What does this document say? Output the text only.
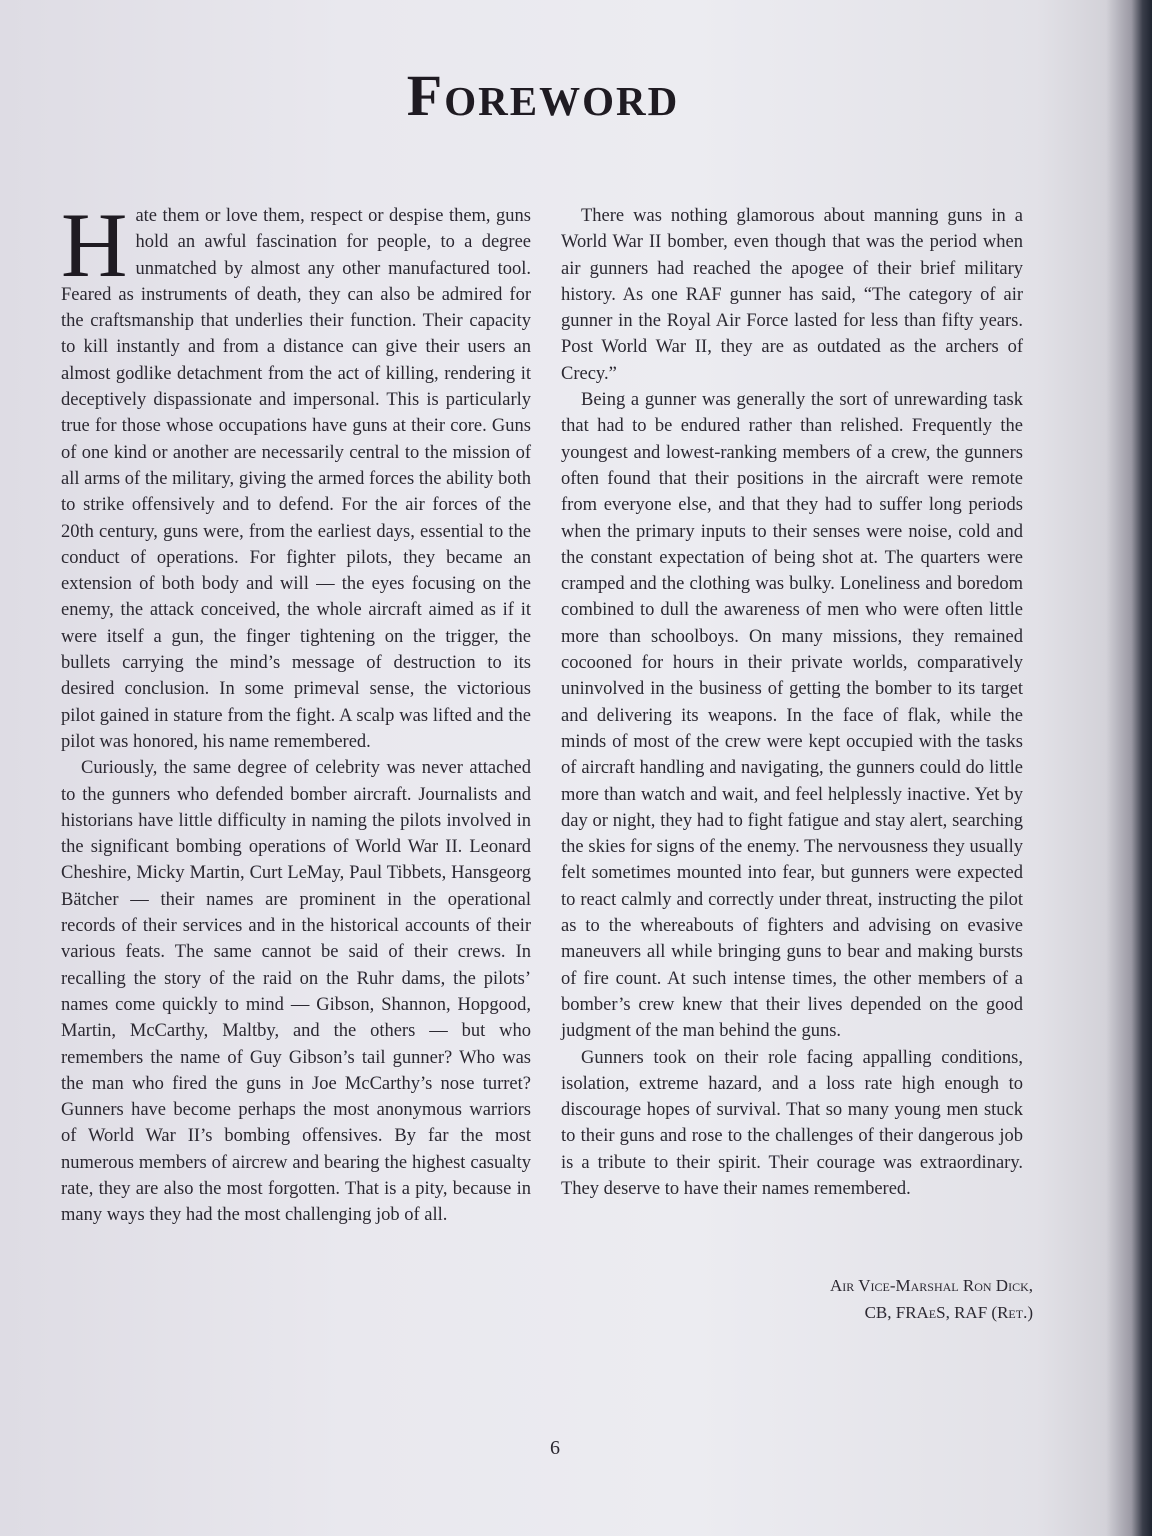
Foreword

Hate them or love them, respect or despise them, guns hold an awful fascination for people, to a degree unmatched by almost any other manufactured tool. Feared as instruments of death, they can also be admired for the craftsmanship that underlies their function. Their capacity to kill instantly and from a distance can give their users an almost godlike detachment from the act of killing, rendering it deceptively dispassionate and impersonal. This is particularly true for those whose occupations have guns at their core. Guns of one kind or another are necessarily central to the mission of all arms of the military, giving the armed forces the ability both to strike offensively and to defend. For the air forces of the 20th century, guns were, from the earliest days, essential to the conduct of operations. For fighter pilots, they became an extension of both body and will — the eyes focusing on the enemy, the attack conceived, the whole aircraft aimed as if it were itself a gun, the finger tightening on the trigger, the bullets carrying the mind’s message of destruction to its desired conclusion. In some primeval sense, the victorious pilot gained in stature from the fight. A scalp was lifted and the pilot was honored, his name remembered.

Curiously, the same degree of celebrity was never attached to the gunners who defended bomber aircraft. Journalists and historians have little difficulty in naming the pilots involved in the significant bombing operations of World War II. Leonard Cheshire, Micky Martin, Curt LeMay, Paul Tibbets, Hansgeorg Bätcher — their names are prominent in the operational records of their services and in the historical accounts of their various feats. The same cannot be said of their crews. In recalling the story of the raid on the Ruhr dams, the pilots’ names come quickly to mind — Gibson, Shannon, Hopgood, Martin, McCarthy, Maltby, and the others — but who remembers the name of Guy Gibson’s tail gunner? Who was the man who fired the guns in Joe McCarthy’s nose turret? Gunners have become perhaps the most anonymous warriors of World War II’s bombing offensives. By far the most numerous members of aircrew and bearing the highest casualty rate, they are also the most forgotten. That is a pity, because in many ways they had the most challenging job of all.

There was nothing glamorous about manning guns in a World War II bomber, even though that was the period when air gunners had reached the apogee of their brief military history. As one RAF gunner has said, “The category of air gunner in the Royal Air Force lasted for less than fifty years. Post World War II, they are as outdated as the archers of Crecy.”

Being a gunner was generally the sort of unrewarding task that had to be endured rather than relished. Frequently the youngest and lowest-ranking members of a crew, the gunners often found that their positions in the aircraft were remote from everyone else, and that they had to suffer long periods when the primary inputs to their senses were noise, cold and the constant expectation of being shot at. The quarters were cramped and the clothing was bulky. Loneliness and boredom combined to dull the awareness of men who were often little more than schoolboys. On many missions, they remained cocooned for hours in their private worlds, comparatively uninvolved in the business of getting the bomber to its target and delivering its weapons. In the face of flak, while the minds of most of the crew were kept occupied with the tasks of aircraft handling and navigating, the gunners could do little more than watch and wait, and feel helplessly inactive. Yet by day or night, they had to fight fatigue and stay alert, searching the skies for signs of the enemy. The nervousness they usually felt sometimes mounted into fear, but gunners were expected to react calmly and correctly under threat, instructing the pilot as to the whereabouts of fighters and advising on evasive maneuvers all while bringing guns to bear and making bursts of fire count. At such intense times, the other members of a bomber’s crew knew that their lives depended on the good judgment of the man behind the guns.

Gunners took on their role facing appalling conditions, isolation, extreme hazard, and a loss rate high enough to discourage hopes of survival. That so many young men stuck to their guns and rose to the challenges of their dangerous job is a tribute to their spirit. Their courage was extraordinary. They deserve to have their names remembered.

Air Vice-Marshal Ron Dick,
CB, FRAeS, RAF (Ret.)
6
